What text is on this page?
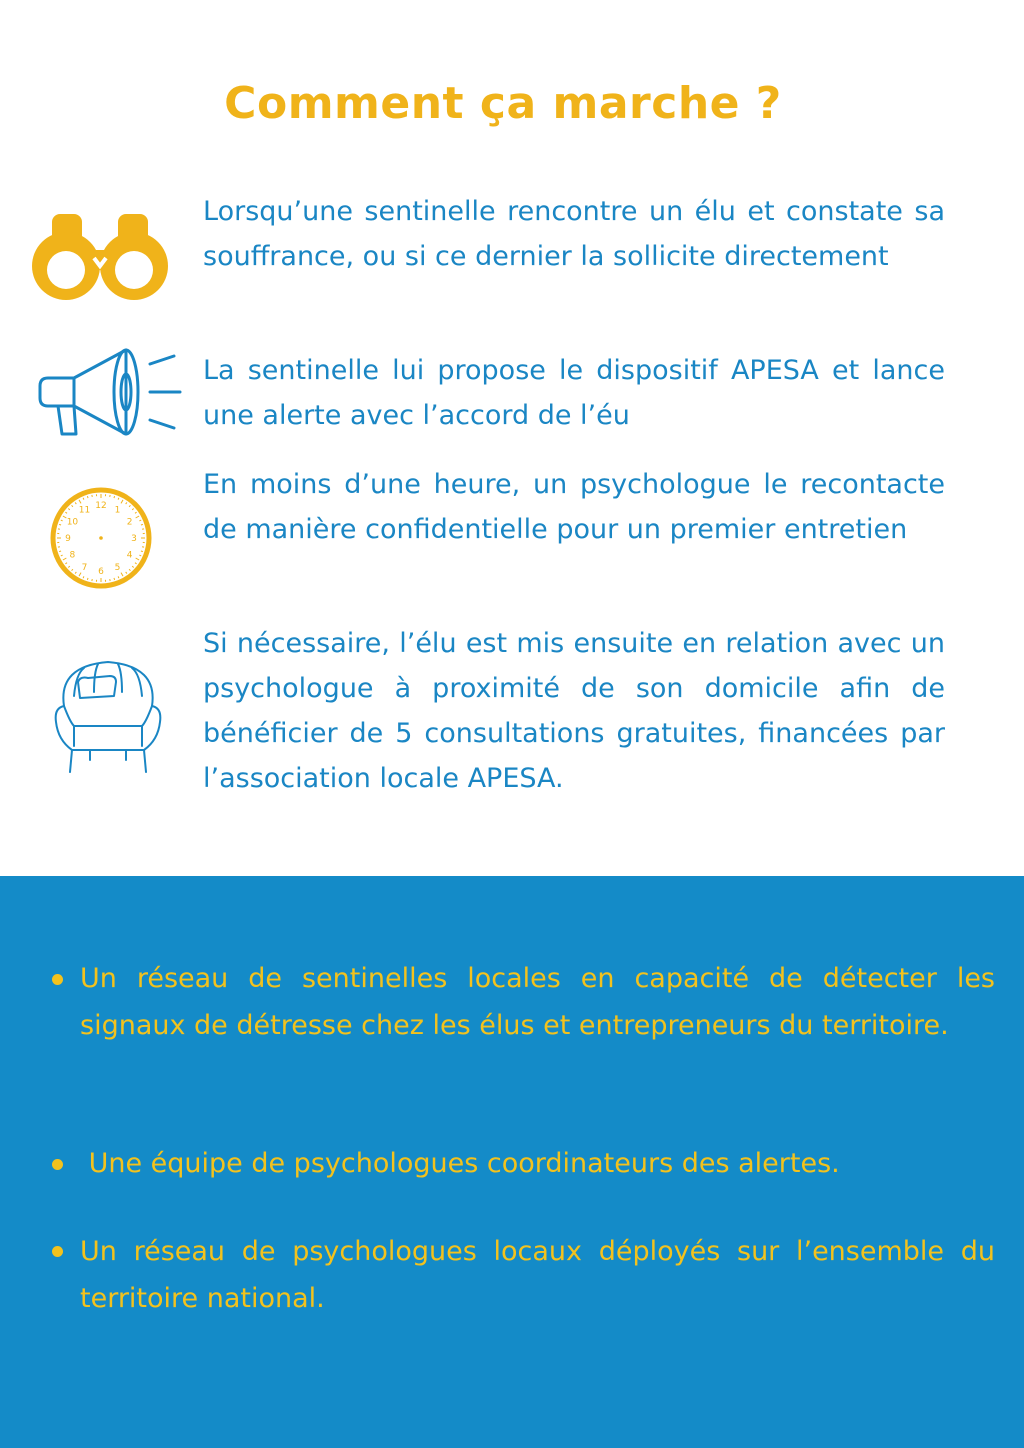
Comment ça marche ?
Lorsqu’une sentinelle rencontre un élu et constate sa souffrance, ou si ce dernier la sollicite directement
La sentinelle lui propose le dispositif APESA et lance une alerte avec l’accord de l’éu
12 1
2
3
4
5
6
7
8
9
10
11
En moins d’une heure, un psychologue le recontacte de manière confidentielle pour un premier entretien
Si nécessaire, l’élu est mis ensuite en relation avec un psychologue à proximité de son domicile afin de bénéficier de 5 consultations gratuites, financées par l’association locale APESA.
Un réseau de sentinelles locales en capacité de détecter les signaux de détresse chez les élus et entrepreneurs du territoire.
Une équipe de psychologues coordinateurs des alertes.
Un réseau de psychologues locaux déployés sur l’ensemble du territoire national.
